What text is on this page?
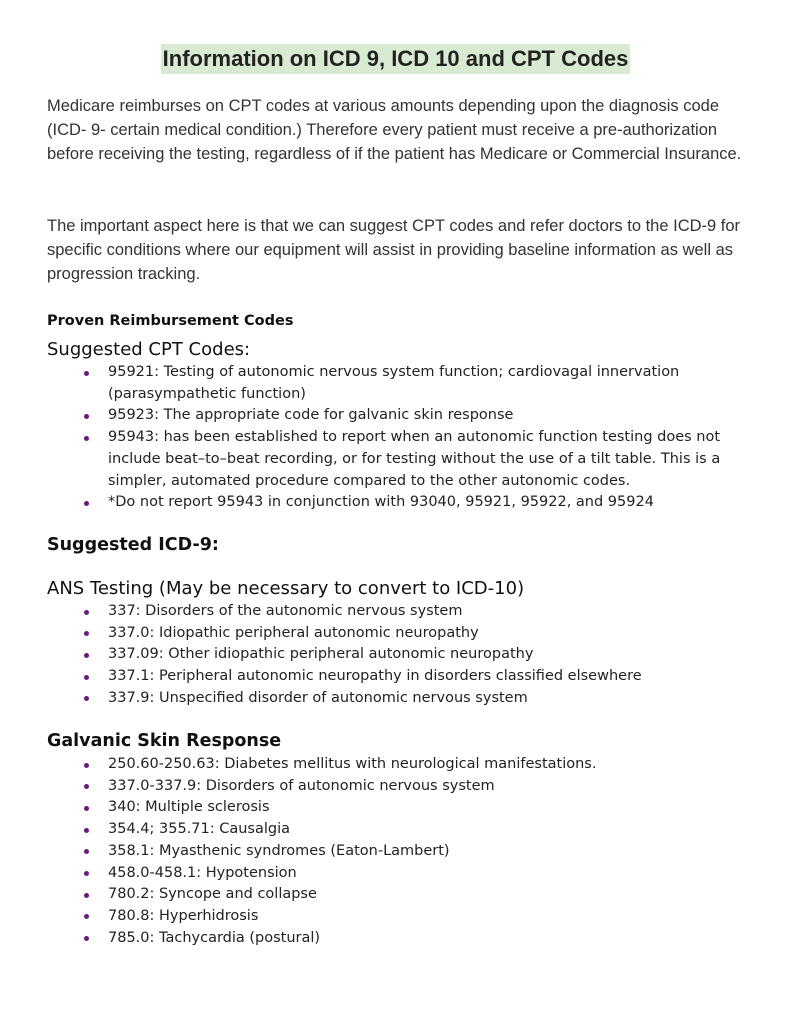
Information on ICD 9, ICD 10 and CPT Codes

Medicare reimburses on CPT codes at various amounts depending upon the diagnosis code (ICD- 9- certain medical condition.) Therefore every patient must receive a pre-authorization before receiving the testing, regardless of if the patient has Medicare or Commercial Insurance.

The important aspect here is that we can suggest CPT codes and refer doctors to the ICD-9 for specific conditions where our equipment will assist in providing baseline information as well as progression tracking.

Proven Reimbursement Codes

Suggested CPT Codes:

95921: Testing of autonomic nervous system function; cardiovagal innervation (parasympathetic function)
95923: The appropriate code for galvanic skin response
95943: has been established to report when an autonomic function testing does not include beat–to–beat recording, or for testing without the use of a tilt table. This is a simpler, automated procedure compared to the other autonomic codes.
*Do not report 95943 in conjunction with 93040, 95921, 95922, and 95924

Suggested ICD-9:

ANS Testing (May be necessary to convert to ICD-10)

337: Disorders of the autonomic nervous system
337.0: Idiopathic peripheral autonomic neuropathy
337.09: Other idiopathic peripheral autonomic neuropathy
337.1: Peripheral autonomic neuropathy in disorders classified elsewhere
337.9: Unspecified disorder of autonomic nervous system

Galvanic Skin Response

250.60-250.63: Diabetes mellitus with neurological manifestations.
337.0-337.9: Disorders of autonomic nervous system
340: Multiple sclerosis
354.4; 355.71: Causalgia
358.1: Myasthenic syndromes (Eaton-Lambert)
458.0-458.1: Hypotension
780.2: Syncope and collapse
780.8: Hyperhidrosis
785.0: Tachycardia (postural)
